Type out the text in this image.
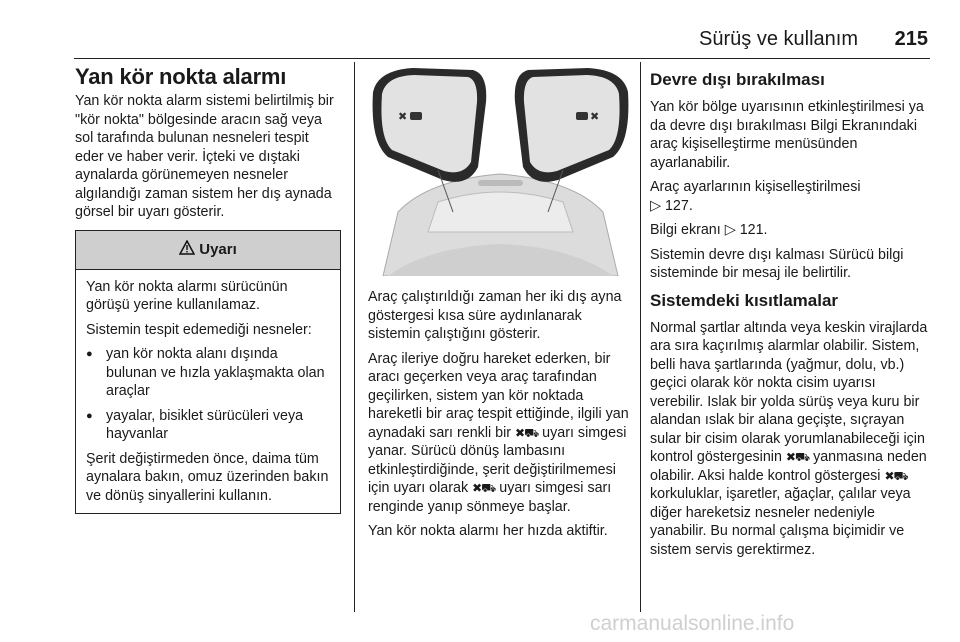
Sürüş ve kullanım 215
Yan kör nokta alarmı

Yan kör nokta alarm sistemi belirtilmiş bir "kör nokta" bölgesinde aracın sağ veya sol tarafında bulunan nesneleri tespit eder ve haber verir. İçteki ve dıştaki aynalarda görünemeyen nesneler algılandığı zaman sistem her dış aynada görsel bir uyarı gösterir.

Uyarı

Yan kör nokta alarmı sürücünün görüşü yerine kullanılamaz.

Sistemin tespit edemediği nesneler:

● yan kör nokta alanı dışında bulunan ve hızla yaklaşmakta olan araçlar
● yayalar, bisiklet sürücüleri veya hayvanlar

Şerit değiştirmeden önce, daima tüm aynalara bakın, omuz üzerinden bakın ve dönüş sinyallerini kullanın.

✖	✖

Araç çalıştırıldığı zaman her iki dış ayna göstergesi kısa süre aydınlanarak sistemin çalıştığını gösterir.

Araç ileriye doğru hareket ederken, bir aracı geçerken veya araç tarafından geçilirken, sistem yan kör noktada hareketli bir araç tespit ettiğinde, ilgili yan aynadaki sarı renkli bir ✖⛟ uyarı simgesi yanar. Sürücü dönüş lambasını etkinleştirdiğinde, şerit değiştirilmemesi için uyarı olarak ✖⛟ uyarı simgesi sarı renginde yanıp sönmeye başlar.

Yan kör nokta alarmı her hızda aktiftir.

Devre dışı bırakılması

Yan kör bölge uyarısının etkinleştirilmesi ya da devre dışı bırakılması Bilgi Ekranındaki araç kişiselleştirme menüsünden ayarlanabilir.

Araç ayarlarının kişiselleştirilmesi
▷ 127.

Bilgi ekranı ▷ 121.

Sistemin devre dışı kalması Sürücü bilgi sisteminde bir mesaj ile belirtilir.

Sistemdeki kısıtlamalar

Normal şartlar altında veya keskin virajlarda ara sıra kaçırılmış alarmlar olabilir. Sistem, belli hava şartlarında (yağmur, dolu, vb.) geçici olarak kör nokta cisim uyarısı verebilir. Islak bir yolda sürüş veya kuru bir alandan ıslak bir alana geçişte, sıçrayan sular bir cisim olarak yorumlanabileceği için kontrol göstergesinin ✖⛟ yanmasına neden olabilir. Aksi halde kontrol göstergesi ✖⛟ korkuluklar, işaretler, ağaçlar, çalılar veya diğer hareketsiz nesneler nedeniyle yanabilir. Bu normal çalışma biçimidir ve sistem servis gerektirmez.

carmanualsonline.info
